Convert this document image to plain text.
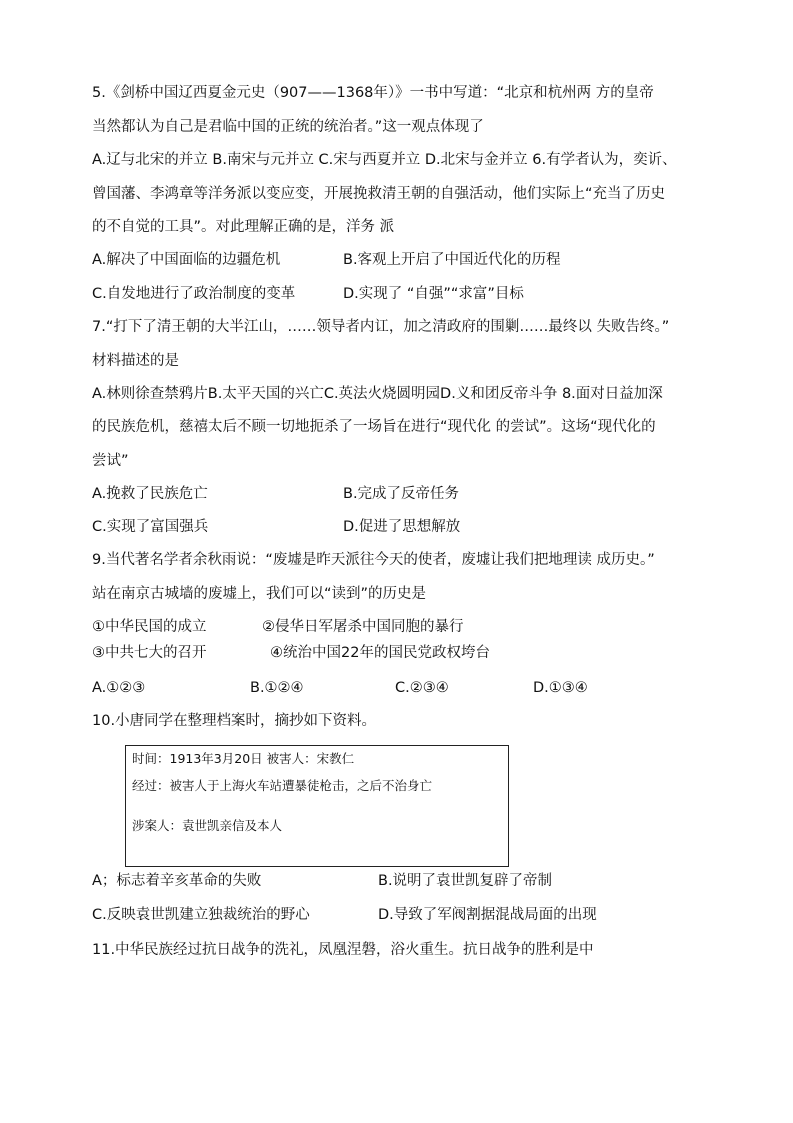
5.《剑桥中国辽西夏金元史（907——1368年）》一书中写道：“北京和杭州两 方的皇帝
当然都认为自己是君临中国的正统的统治者。”这一观点体现了
A.辽与北宋的并立 B.南宋与元并立 C.宋与西夏并立 D.北宋与金并立 6.有学者认为，奕䜣、
曾国藩、李鸿章等洋务派以变应变，开展挽救清王朝的自强活动，他们实际上“充当了历史
的不自觉的工具”。对此理解正确的是，洋务 派
A.解决了中国面临的边疆危机	B.客观上开启了中国近代化的历程
C.自发地进行了政治制度的变革	D.实现了 “自强”“求富”目标
7.“打下了清王朝的大半江山，……领导者内讧，加之清政府的围剿……最终以 失败告终。”
材料描述的是
A.林则徐查禁鸦片B.太平天国的兴亡C.英法火烧圆明园D.义和团反帝斗争 8.面对日益加深
的民族危机，慈禧太后不顾一切地扼杀了一场旨在进行“现代化 的尝试”。这场“现代化的
尝试”
A.挽救了民族危亡	B.完成了反帝任务
C.实现了富国强兵	D.促进了思想解放
9.当代著名学者余秋雨说：“废墟是昨天派往今天的使者，废墟让我们把地理读 成历史。”
站在南京古城墙的废墟上，我们可以“读到”的历史是
①中华民国的成立	②侵华日军屠杀中国同胞的暴行
③中共七大的召开	④统治中国22年的国民党政权垮台
A.①②③	B.①②④	C.②③④	D.①③④
10.小唐同学在整理档案时，摘抄如下资料。
时间：1913年3月20日 被害人：宋教仁
经过：被害人于上海火车站遭暴徒枪击，之后不治身亡
涉案人：袁世凯亲信及本人
A；标志着辛亥革命的失败	B.说明了袁世凯复辟了帝制
C.反映袁世凯建立独裁统治的野心	D.导致了军阀割据混战局面的出现
11.中华民族经过抗日战争的洗礼，凤凰涅磐，浴火重生。抗日战争的胜利是中
